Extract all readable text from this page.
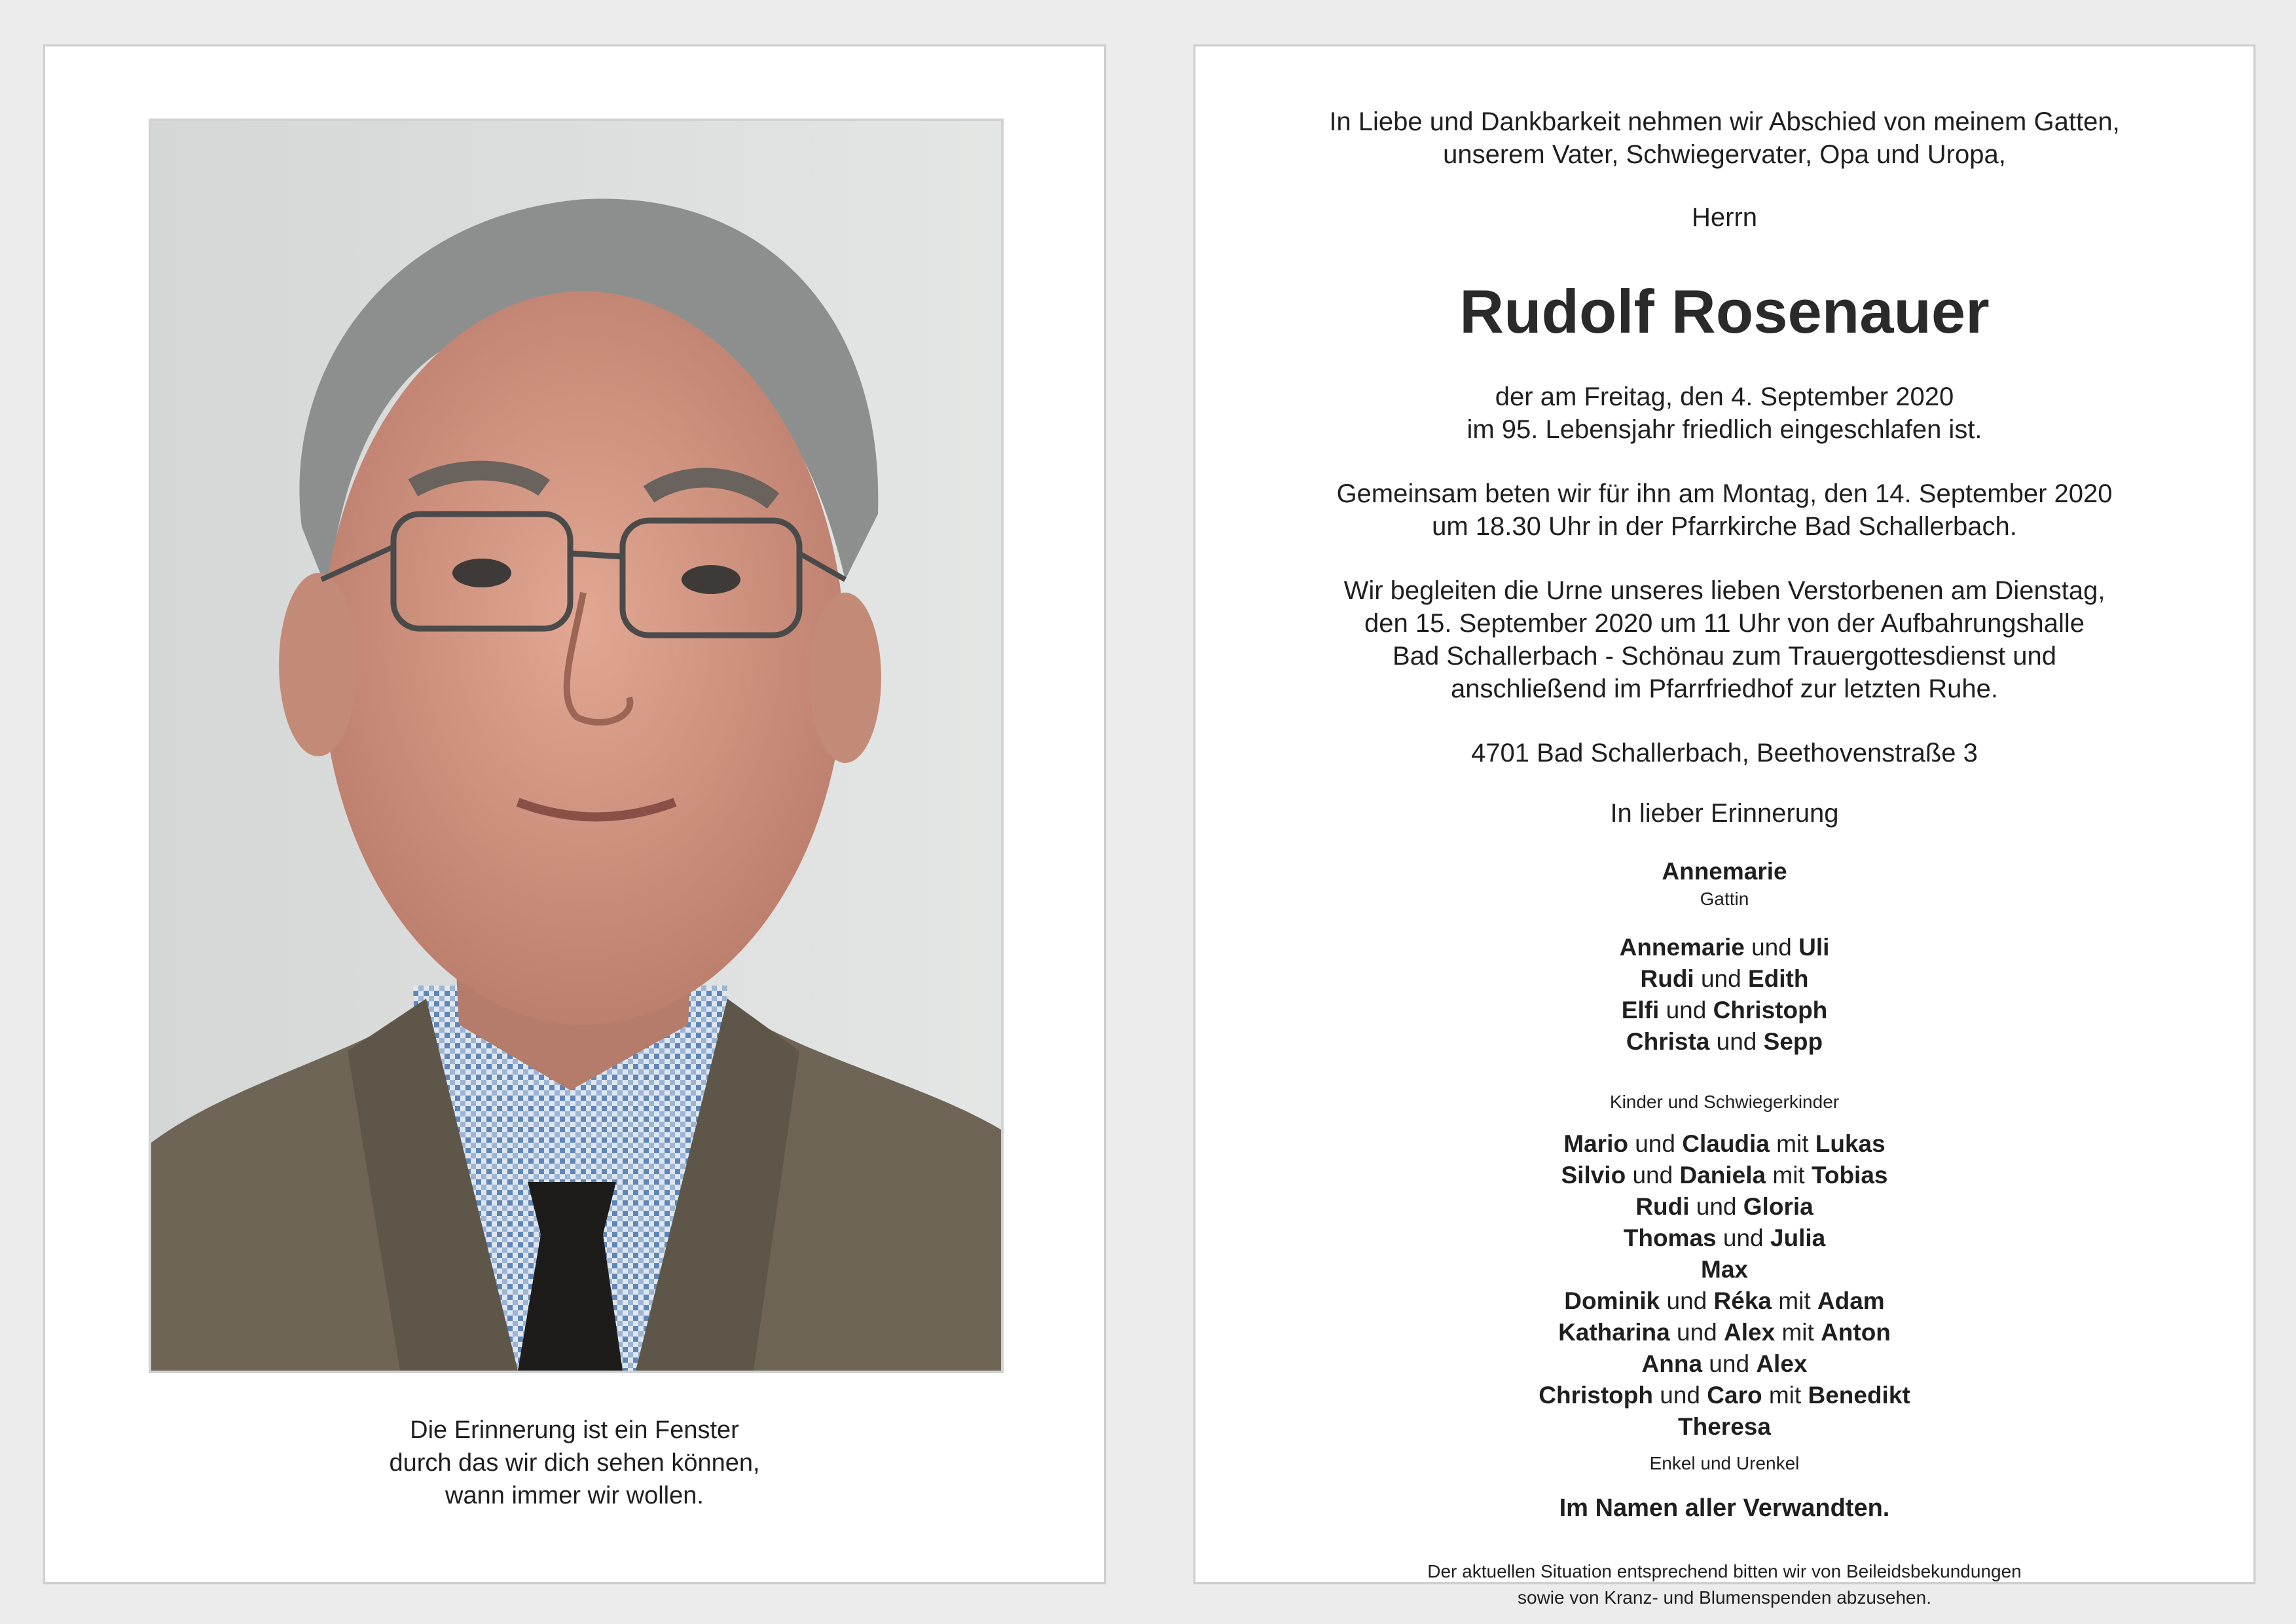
Die Erinnerung ist ein Fenster
durch das wir dich sehen können,
wann immer wir wollen.
In Liebe und Dankbarkeit nehmen wir Abschied von meinem Gatten,
unserem Vater, Schwiegervater, Opa und Uropa,
Herrn
Rudolf Rosenauer
der am Freitag, den 4. September 2020
im 95. Lebensjahr friedlich eingeschlafen ist.
Gemeinsam beten wir für ihn am Montag, den 14. September 2020
um 18.30 Uhr in der Pfarrkirche Bad Schallerbach.
Wir begleiten die Urne unseres lieben Verstorbenen am Dienstag,
den 15. September 2020 um 11 Uhr von der Aufbahrungshalle
Bad Schallerbach - Schönau zum Trauergottesdienst und
anschließend im Pfarrfriedhof zur letzten Ruhe.
4701 Bad Schallerbach, Beethovenstraße 3
In lieber Erinnerung
Annemarie
Gattin
Annemarie und Uli
Rudi und Edith
Elfi und Christoph
Christa und Sepp
Kinder und Schwiegerkinder
Mario und Claudia mit Lukas
Silvio und Daniela mit Tobias
Rudi und Gloria
Thomas und Julia
Max
Dominik und Réka mit Adam
Katharina und Alex mit Anton
Anna und Alex
Christoph und Caro mit Benedikt
Theresa
Enkel und Urenkel
Im Namen aller Verwandten.
Der aktuellen Situation entsprechend bitten wir von Beileidsbekundungen
sowie von Kranz- und Blumenspenden abzusehen.
